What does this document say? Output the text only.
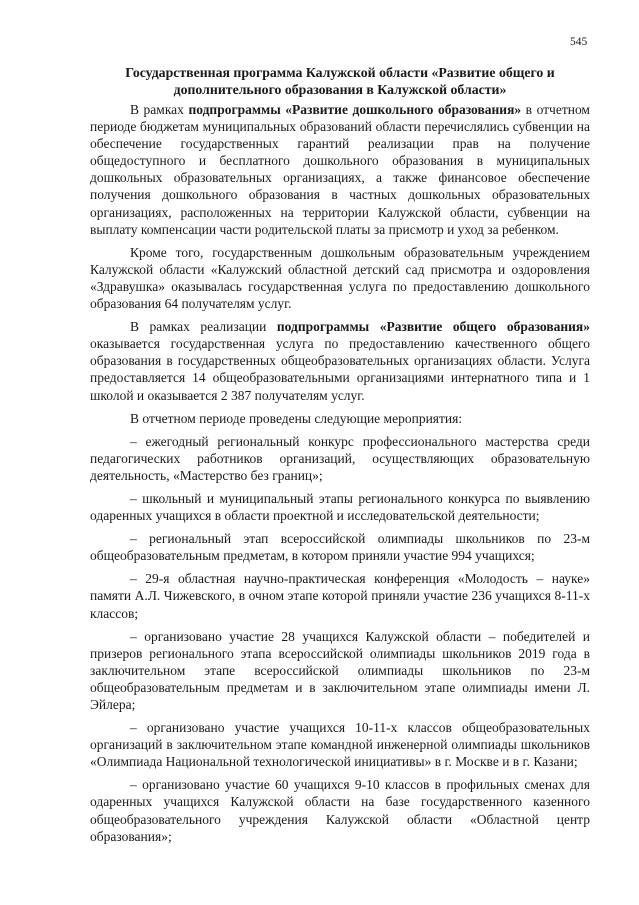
545
Государственная программа Калужской области «Развитие общего и дополнительного образования в Калужской области»

В рамках подпрограммы «Развитие дошкольного образования» в отчетном периоде бюджетам муниципальных образований области перечислялись субвенции на обеспечение государственных гарантий реализации прав на получение общедоступного и бесплатного дошкольного образования в муниципальных дошкольных образовательных организациях, а также финансовое обеспечение получения дошкольного образования в частных дошкольных образовательных организациях, расположенных на территории Калужской области, субвенции на выплату компенсации части родительской платы за присмотр и уход за ребенком.

Кроме того, государственным дошкольным образовательным учреждением Калужской области «Калужский областной детский сад присмотра и оздоровления «Здравушка» оказывалась государственная услуга по предоставлению дошкольного образования 64 получателям услуг.

В рамках реализации подпрограммы «Развитие общего образования» оказывается государственная услуга по предоставлению качественного общего образования в государственных общеобразовательных организациях области. Услуга предоставляется 14 общеобразовательными организациями интернатного типа и 1 школой и оказывается 2 387 получателям услуг.

В отчетном периоде проведены следующие мероприятия:

– ежегодный региональный конкурс профессионального мастерства среди педагогических работников организаций, осуществляющих образовательную деятельность, «Мастерство без границ»;

– школьный и муниципальный этапы регионального конкурса по выявлению одаренных учащихся в области проектной и исследовательской деятельности;

– региональный этап всероссийской олимпиады школьников по 23-м общеобразовательным предметам, в котором приняли участие 994 учащихся;

– 29-я областная научно-практическая конференция «Молодость – науке» памяти А.Л. Чижевского, в очном этапе которой приняли участие 236 учащихся 8-11-х классов;

– организовано участие 28 учащихся Калужской области – победителей и призеров регионального этапа всероссийской олимпиады школьников 2019 года в заключительном этапе всероссийской олимпиады школьников по 23-м общеобразовательным предметам и в заключительном этапе олимпиады имени Л. Эйлера;

– организовано участие учащихся 10-11-х классов общеобразовательных организаций в заключительном этапе командной инженерной олимпиады школьников «Олимпиада Национальной технологической инициативы» в г. Москве и в г. Казани;

– организовано участие 60 учащихся 9-10 классов в профильных сменах для одаренных учащихся Калужской области на базе государственного казенного общеобразовательного учреждения Калужской области «Областной центр образования»;
